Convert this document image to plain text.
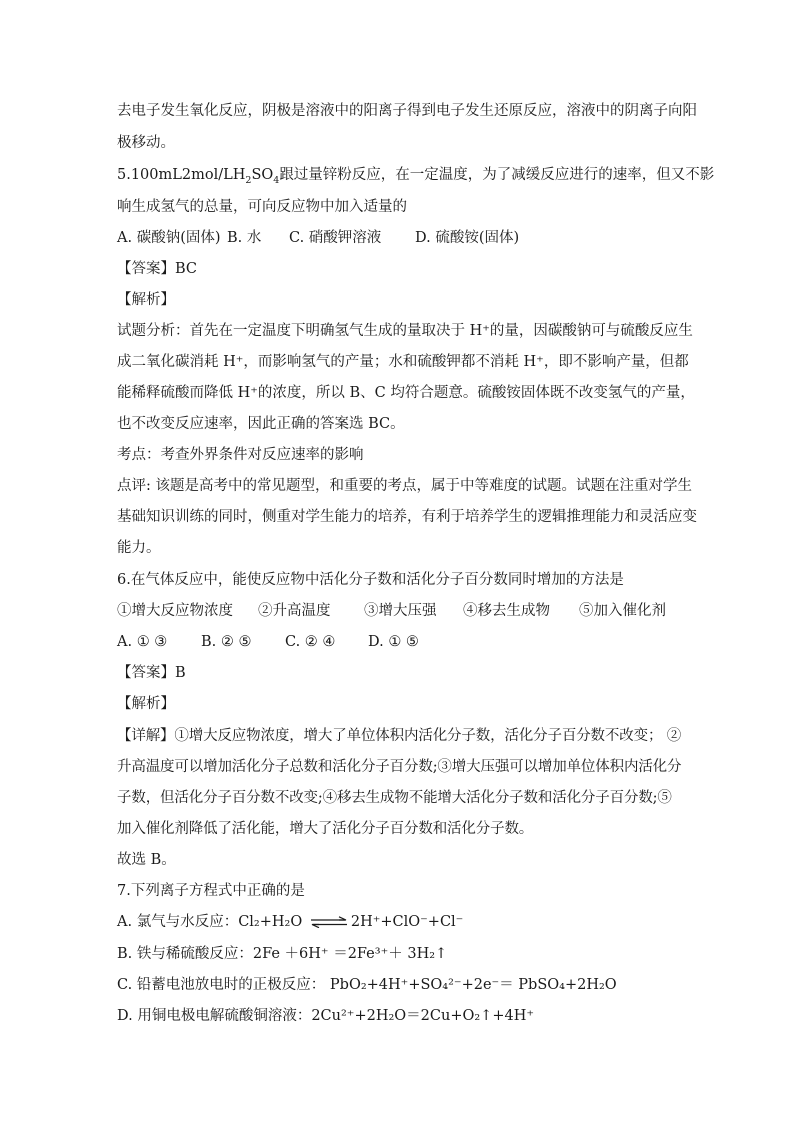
去电子发生氧化反应，阴极是溶液中的阳离子得到电子发生还原反应，溶液中的阴离子向阳
极移动。
$5.100mL2mol/LH_2SO_4$跟过量锌粉反应，在一定温度，为了减缓反应进行的速率，但又不影
响生成氢气的总量，可向反应物中加入适量的
A. 碳酸钠(固体) B. 水 C. 硝酸钾溶液 D. 硫酸铵(固体)
【答案】BC
【解析】
试题分析：首先在一定温度下明确氢气生成的量取决于 H⁺的量，因碳酸钠可与硫酸反应生
成二氧化碳消耗 H⁺，而影响氢气的产量；水和硫酸钾都不消耗 H⁺，即不影响产量，但都
能稀释硫酸而降低 H⁺的浓度，所以 B、C 均符合题意。硫酸铵固体既不改变氢气的产量，
也不改变反应速率，因此正确的答案选 BC。
考点：考查外界条件对反应速率的影响
点评: 该题是高考中的常见题型，和重要的考点，属于中等难度的试题。试题在注重对学生
基础知识训练的同时，侧重对学生能力的培养，有利于培养学生的逻辑推理能力和灵活应变
能力。
6.在气体反应中，能使反应物中活化分子数和活化分子百分数同时增加的方法是
①增大反应物浓度 ②升高温度 ③增大压强 ④移去生成物 ⑤加入催化剂
A. ① ③ B. ② ⑤ C. ② ④ D. ① ⑤
【答案】B
【解析】
【详解】①增大反应物浓度，增大了单位体积内活化分子数，活化分子百分数不改变； ②
升高温度可以增加活化分子总数和活化分子百分数;③增大压强可以增加单位体积内活化分
子数，但活化分子百分数不改变;④移去生成物不能增大活化分子数和活化分子百分数;⑤
加入催化剂降低了活化能，增大了活化分子百分数和活化分子数。
故选 B。
7.下列离子方程式中正确的是
A. 氯气与水反应：Cl₂+H₂O ⇌ 2H⁺+ClO⁻+Cl⁻
B. 铁与稀硫酸反应：2Fe ＋6H⁺ ＝2Fe³⁺＋ 3H₂↑
C. 铅蓄电池放电时的正极反应： PbO₂+4H⁺+SO₄²⁻+2e⁻＝ PbSO₄+2H₂O
D. 用铜电极电解硫酸铜溶液：2Cu²⁺+2H₂O＝2Cu+O₂↑+4H⁺
